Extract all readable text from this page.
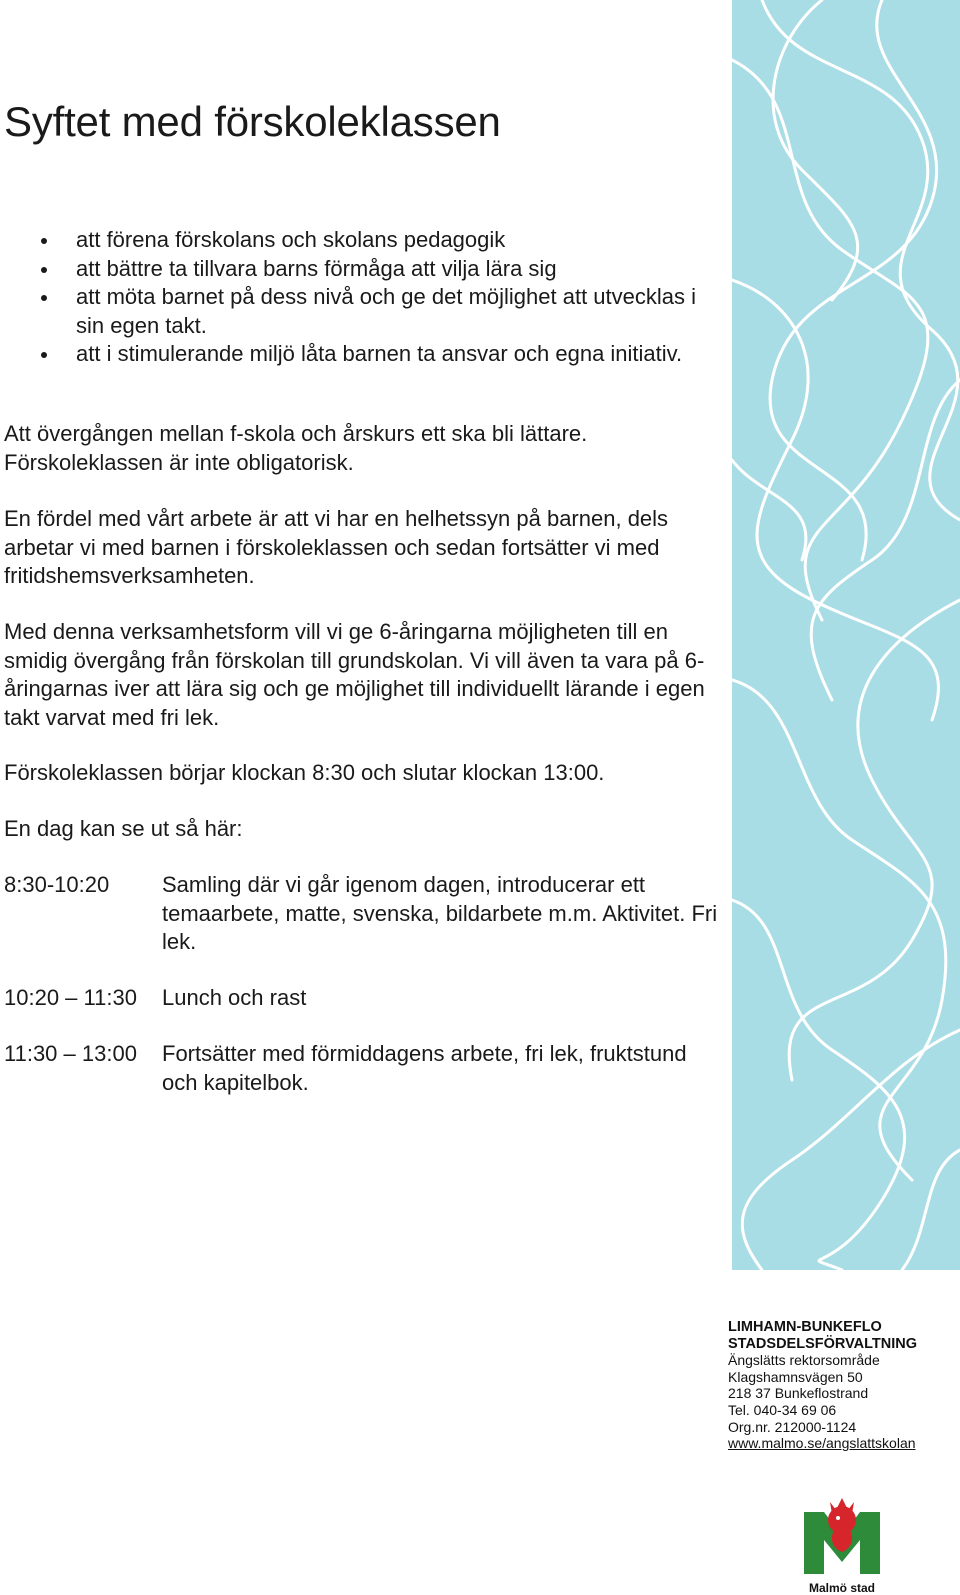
Syftet med förskoleklassen
att förena förskolans och skolans pedagogik
att bättre ta tillvara barns förmåga att vilja lära sig
att möta barnet på dess nivå och ge det möjlighet att utvecklas i sin egen takt.
att i stimulerande miljö låta barnen ta ansvar och egna initiativ.

Att övergången mellan f-skola och årskurs ett ska bli lättare. Förskoleklassen är inte obligatorisk.

En fördel med vårt arbete är att vi har en helhetssyn på barnen, dels arbetar vi med barnen i förskoleklassen och sedan fortsätter vi med fritidshemsverksamheten.

Med denna verksamhetsform vill vi ge 6-åringarna möjligheten till en smidig övergång från förskolan till grundskolan. Vi vill även ta vara på 6- åringarnas iver att lära sig och ge möjlighet till individuellt lärande i egen takt varvat med fri lek.

Förskoleklassen börjar klockan 8:30 och slutar klockan 13:00.

En dag kan se ut så här:

8:30-10:20 Samling där vi går igenom dagen, introducerar ett temaarbete, matte, svenska, bildarbete m.m. Aktivitet. Fri lek.

10:20 – 11:30 Lunch och rast

11:30 – 13:00 Fortsätter med förmiddagens arbete, fri lek, fruktstund och kapitelbok.

LIMHAMN-BUNKEFLO
STADSDELSFÖRVALTNING
Ängslätts rektorsområde
Klagshamnsvägen 50
218 37 Bunkeflostrand
Tel. 040-34 69 06
Org.nr. 212000-1124
www.malmo.se/angslattskolan
Malmö stad
